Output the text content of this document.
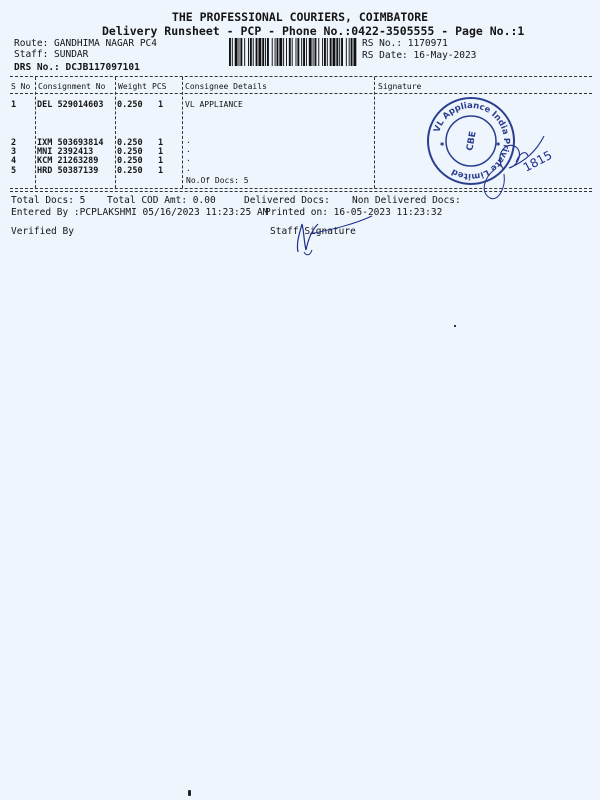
THE PROFESSIONAL COURIERS, COIMBATORE
Delivery Runsheet - PCP - Phone No.:0422-3505555 - Page No.:1
Route: GANDHIMA NAGAR PC4
Staff: SUNDAR
DRS No.: DCJB117097101
RS No.: 1170971
RS Date: 16-May-2023
S No Consignment No Weight PCS Consignee Details	Signature
1 DEL 529014603 0.250 1	VL APPLIANCE
2 IXM 503693814 0.250 1	.
3 MNI 2392413	0.250 1	.
4 KCM 21263289 0.250 1	.
5 HRD 50387139 0.250 1	.
No.Of Docs: 5
Total Docs: 5 Total COD Amt: 0.00	Delivered Docs: Non Delivered Docs:
Entered By :PCPLAKSHMI 05/16/2023 11:23:25 AM
Printed on: 16-05-2023 11:23:32
Verified By	Staff Signature
VL Appliance India Private Limited
CBE
✱	✱
1815
